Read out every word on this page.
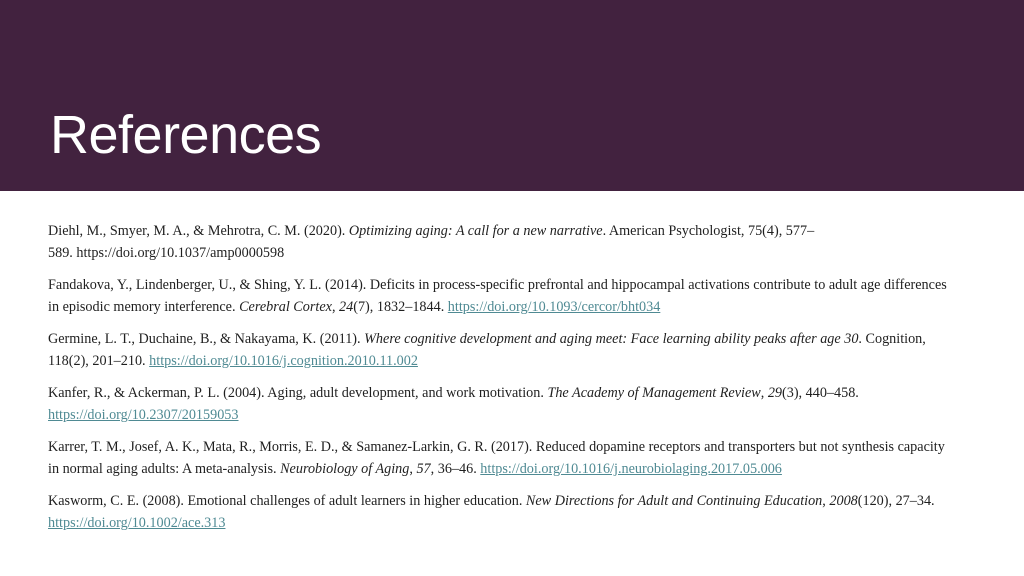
References

Diehl, M., Smyer, M. A., & Mehrotra, C. M. (2020). Optimizing aging: A call for a new narrative. American Psychologist, 75(4), 577–
589. https://doi.org/10.1037/amp0000598

Fandakova, Y., Lindenberger, U., & Shing, Y. L. (2014). Deficits in process-specific prefrontal and hippocampal activations contribute to adult age differences in episodic memory interference. Cerebral Cortex, 24(7), 1832–1844. https://doi.org/10.1093/cercor/bht034

Germine, L. T., Duchaine, B., & Nakayama, K. (2011). Where cognitive development and aging meet: Face learning ability peaks after age 30. Cognition, 118(2), 201–210. https://doi.org/10.1016/j.cognition.2010.11.002

Kanfer, R., & Ackerman, P. L. (2004). Aging, adult development, and work motivation. The Academy of Management Review, 29(3), 440–458.
https://doi.org/10.2307/20159053

Karrer, T. M., Josef, A. K., Mata, R., Morris, E. D., & Samanez-Larkin, G. R. (2017). Reduced dopamine receptors and transporters but not synthesis capacity in normal aging adults: A meta-analysis. Neurobiology of Aging, 57, 36–46. https://doi.org/10.1016/j.neurobiolaging.2017.05.006

Kasworm, C. E. (2008). Emotional challenges of adult learners in higher education. New Directions for Adult and Continuing Education, 2008(120), 27–34. https://doi.org/10.1002/ace.313
